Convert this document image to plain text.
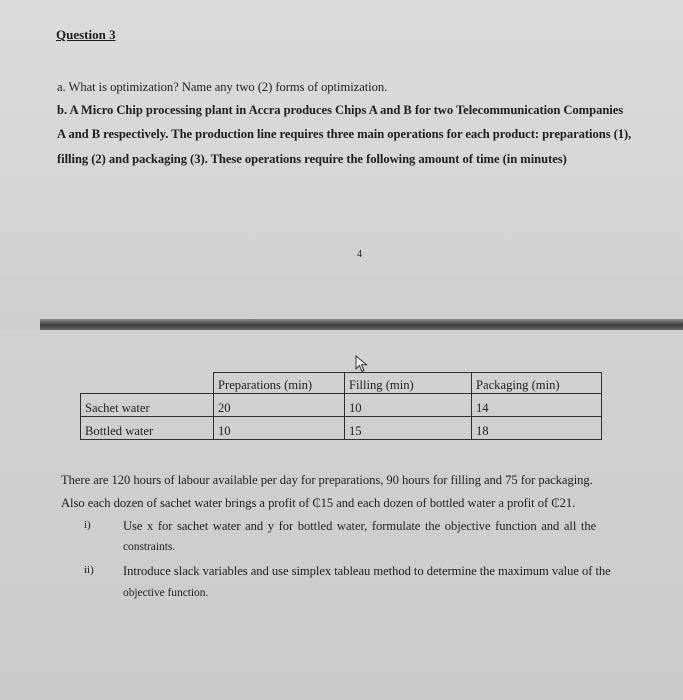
Question 3
a. What is optimization? Name any two (2) forms of optimization.
b. A Micro Chip processing plant in Accra produces Chips A and B for two Telecommunication Companies
A and B respectively. The production line requires three main operations for each product: preparations (1),
filling (2) and packaging (3). These operations require the following amount of time (in minutes)
4
	Preparations (min)	Filling (min)	Packaging (min)
Sachet water	20	10	14
Bottled water	10	15	18
There are 120 hours of labour available per day for preparations, 90 hours for filling and 75 for packaging.
Also each dozen of sachet water brings a profit of ₵15 and each dozen of bottled water a profit of ₵21.
i)	Use x for sachet water and y for bottled water, formulate the objective function and all the
constraints.
ii) Introduce slack variables and use simplex tableau method to determine the maximum value of the
objective function.
